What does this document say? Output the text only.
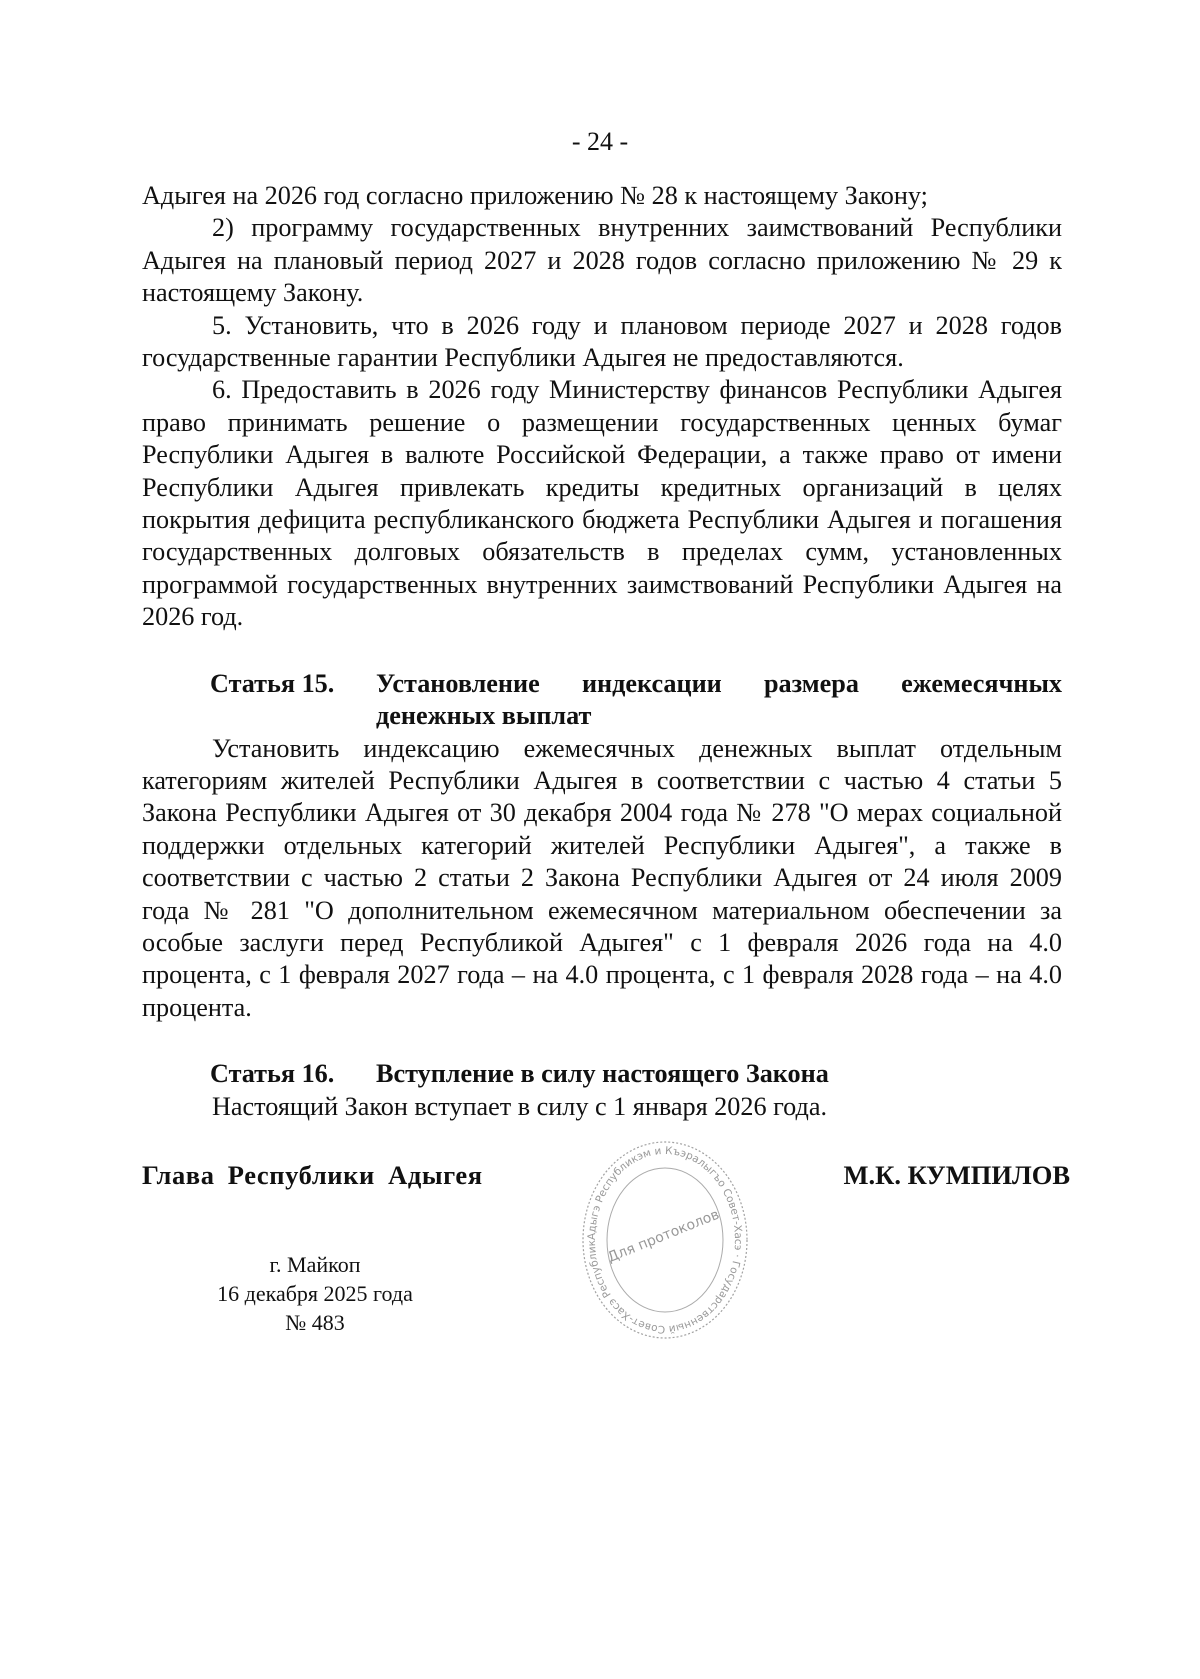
- 24 -

Адыгея на 2026 год согласно приложению № 28 к настоящему Закону;

2) программу государственных внутренних заимствований Республики Адыгея на плановый период 2027 и 2028 годов согласно приложению № 29 к настоящему Закону.

5. Установить, что в 2026 году и плановом периоде 2027 и 2028 годов государственные гарантии Республики Адыгея не предоставляются.

6. Предоставить в 2026 году Министерству финансов Республики Адыгея право принимать решение о размещении государственных ценных бумаг Республики Адыгея в валюте Российской Федерации, а также право от имени Республики Адыгея привлекать кредиты кредитных организаций в целях покрытия дефицита республиканского бюджета Республики Адыгея и погашения государственных долговых обязательств в пределах сумм, установленных программой государственных внутренних заимствований Республики Адыгея на 2026 год.

Статья 15.	Установление индексации размера ежемесячных денежных выплат

Установить индексацию ежемесячных денежных выплат отдельным категориям жителей Республики Адыгея в соответствии с частью 4 статьи 5 Закона Республики Адыгея от 30 декабря 2004 года № 278 "О мерах социальной поддержки отдельных категорий жителей Республики Адыгея", а также в соответствии с частью 2 статьи 2 Закона Республики Адыгея от 24 июля 2009 года № 281 "О дополнительном ежемесячном материальном обеспечении за особые заслуги перед Республикой Адыгея" с 1 февраля 2026 года на 4.0 процента, с 1 февраля 2027 года – на 4.0 процента, с 1 февраля 2028 года – на 4.0 процента.

Статья 16.	Вступление в силу настоящего Закона

Настоящий Закон вступает в силу с 1 января 2026 года.

Глава Республики Адыгея	М.К. КУМПИЛОВ
г. Майкоп
16 декабря 2025 года
№ 483
Адыгэ Республикэм и Къэралыгъо Совет-Хасэ · Государственный Совет-Хасэ Республик Для протоколов
